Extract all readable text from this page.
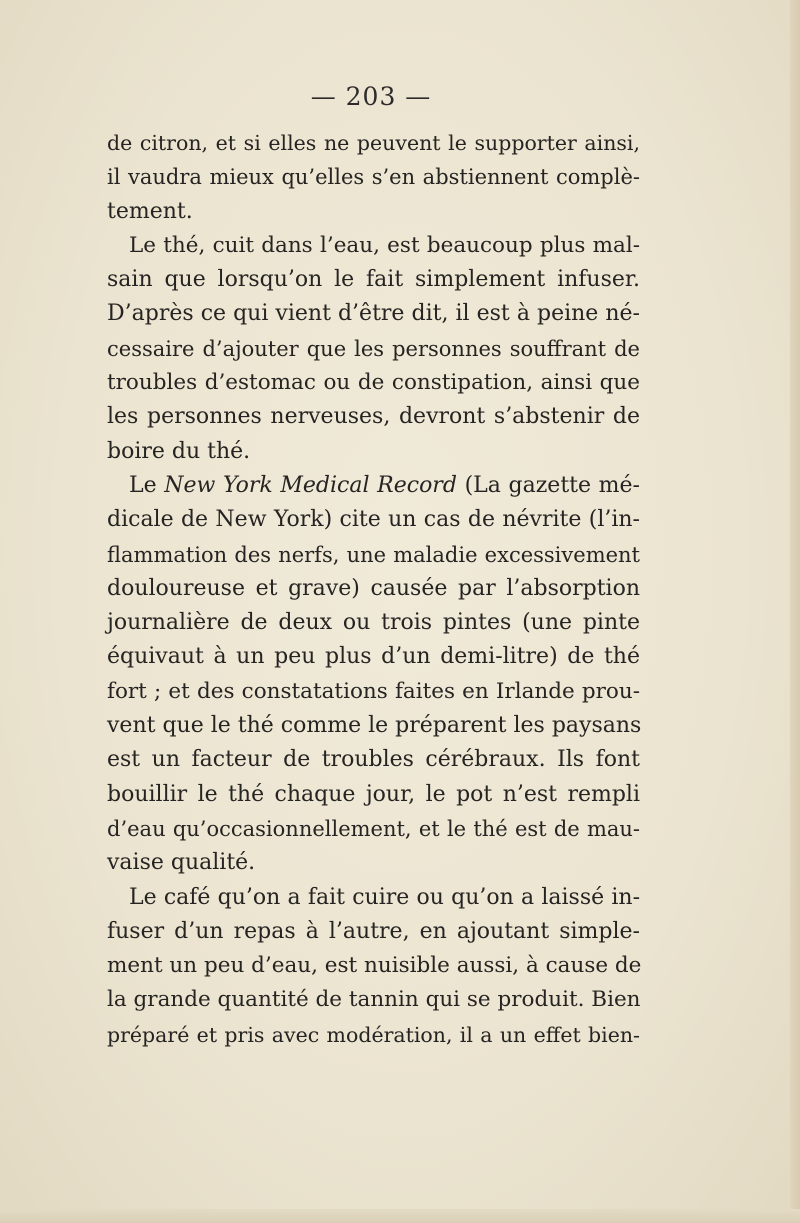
— 203 —
de citron, et si elles ne peuvent le supporter ainsi,
il vaudra mieux qu’elles s’en abstiennent complè-
tement.
Le thé, cuit dans l’eau, est beaucoup plus mal-
sain que lorsqu’on le fait simplement infuser.
D’après ce qui vient d’être dit, il est à peine né-
cessaire d’ajouter que les personnes souffrant de
troubles d’estomac ou de constipation, ainsi que
les personnes nerveuses, devront s’abstenir de
boire du thé.
Le New York Medical Record (La gazette mé-
dicale de New York) cite un cas de névrite (l’in-
flammation des nerfs, une maladie excessivement
douloureuse et grave) causée par l’absorption
journalière de deux ou trois pintes (une pinte
équivaut à un peu plus d’un demi-litre) de thé
fort ; et des constatations faites en Irlande prou-
vent que le thé comme le préparent les paysans
est un facteur de troubles cérébraux. Ils font
bouillir le thé chaque jour, le pot n’est rempli
d’eau qu’occasionnellement, et le thé est de mau-
vaise qualité.
Le café qu’on a fait cuire ou qu’on a laissé in-
fuser d’un repas à l’autre, en ajoutant simple-
ment un peu d’eau, est nuisible aussi, à cause de
la grande quantité de tannin qui se produit. Bien
préparé et pris avec modération, il a un effet bien-
